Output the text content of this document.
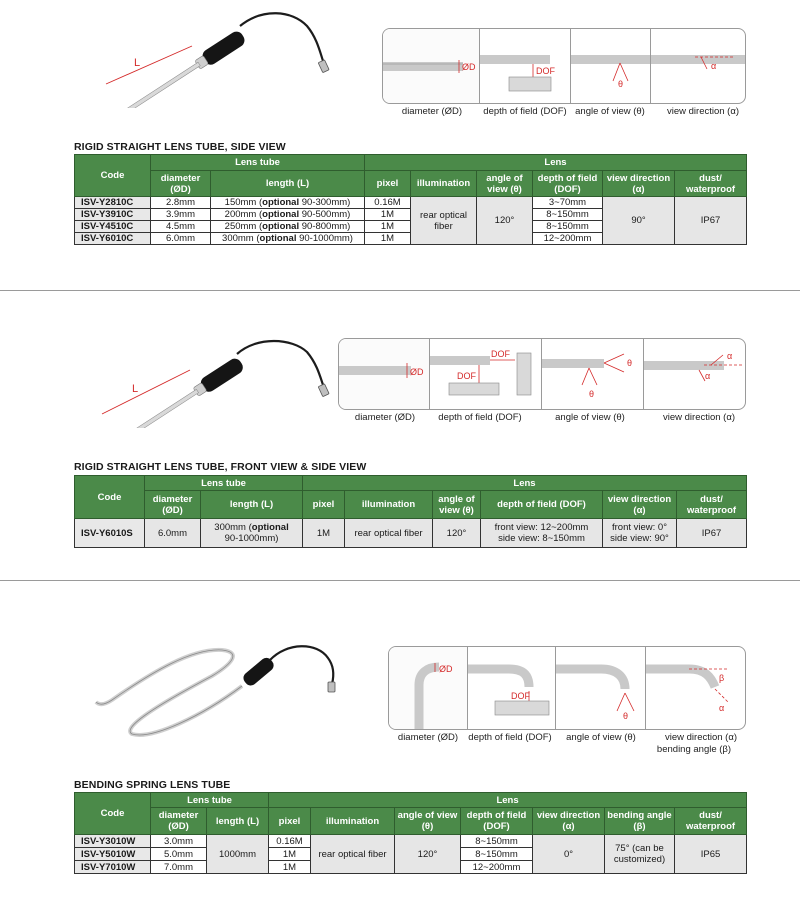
L	ØD	DOF
θ
α
diameter (ØD) depth of field (DOF) angle of view (θ) view direction (α)
RIGID STRAIGHT LENS TUBE, SIDE VIEW
Code	Lens tube		Lens					
	diameter (ØD)	length (L)	pixel	illumination	angle of view (θ)	depth of field (DOF)	view direction (α)	dust/ waterproof
ISV-Y2810C	2.8mm	150mm (optional 90-300mm)	0.16M	rear optical fiber	120°	3~70mm	90°	IP67
ISV-Y3910C	3.9mm	200mm (optional 90-500mm)	1M			8~150mm		
ISV-Y4510C	4.5mm	250mm (optional 90-800mm)	1M			8~150mm		
ISV-Y6010C	6.0mm	300mm (optional 90-1000mm)	1M			12~200mm		
L
ØD
DOF
DOF
θ
θ
α
α
diameter (ØD) depth of field (DOF)	angle of view (θ)	view direction (α)
RIGID STRAIGHT LENS TUBE, FRONT VIEW & SIDE VIEW
Code	Lens tube		Lens					
	diameter (ØD)	length (L)	pixel	illumination	angle of view (θ)	depth of field (DOF)	view direction (α)	dust/ waterproof
ISV-Y6010S	6.0mm	300mm (optional
90-1000mm)	1M	rear optical fiber	120°	front view: 12~200mm
side view: 8~150mm	front view: 0°
side view: 90°	IP67
ØD
DOF
θ
β
α
diameter (ØD) depth of field (DOF) angle of view (θ)	view direction (α)
bending angle (β)
BENDING SPRING LENS TUBE
Code	Lens tube		Lens						
	diameter (ØD)	length (L)	pixel	illumination	angle of view (θ)	depth of field (DOF)	view direction (α)	bending angle (β)	dust/ waterproof
ISV-Y3010W	3.0mm	1000mm	0.16M	rear optical fiber	120°	8~150mm	0°	75° (can be customized)	IP65
ISV-Y5010W	5.0mm		1M			8~150mm			
ISV-Y7010W	7.0mm		1M			12~200mm			
